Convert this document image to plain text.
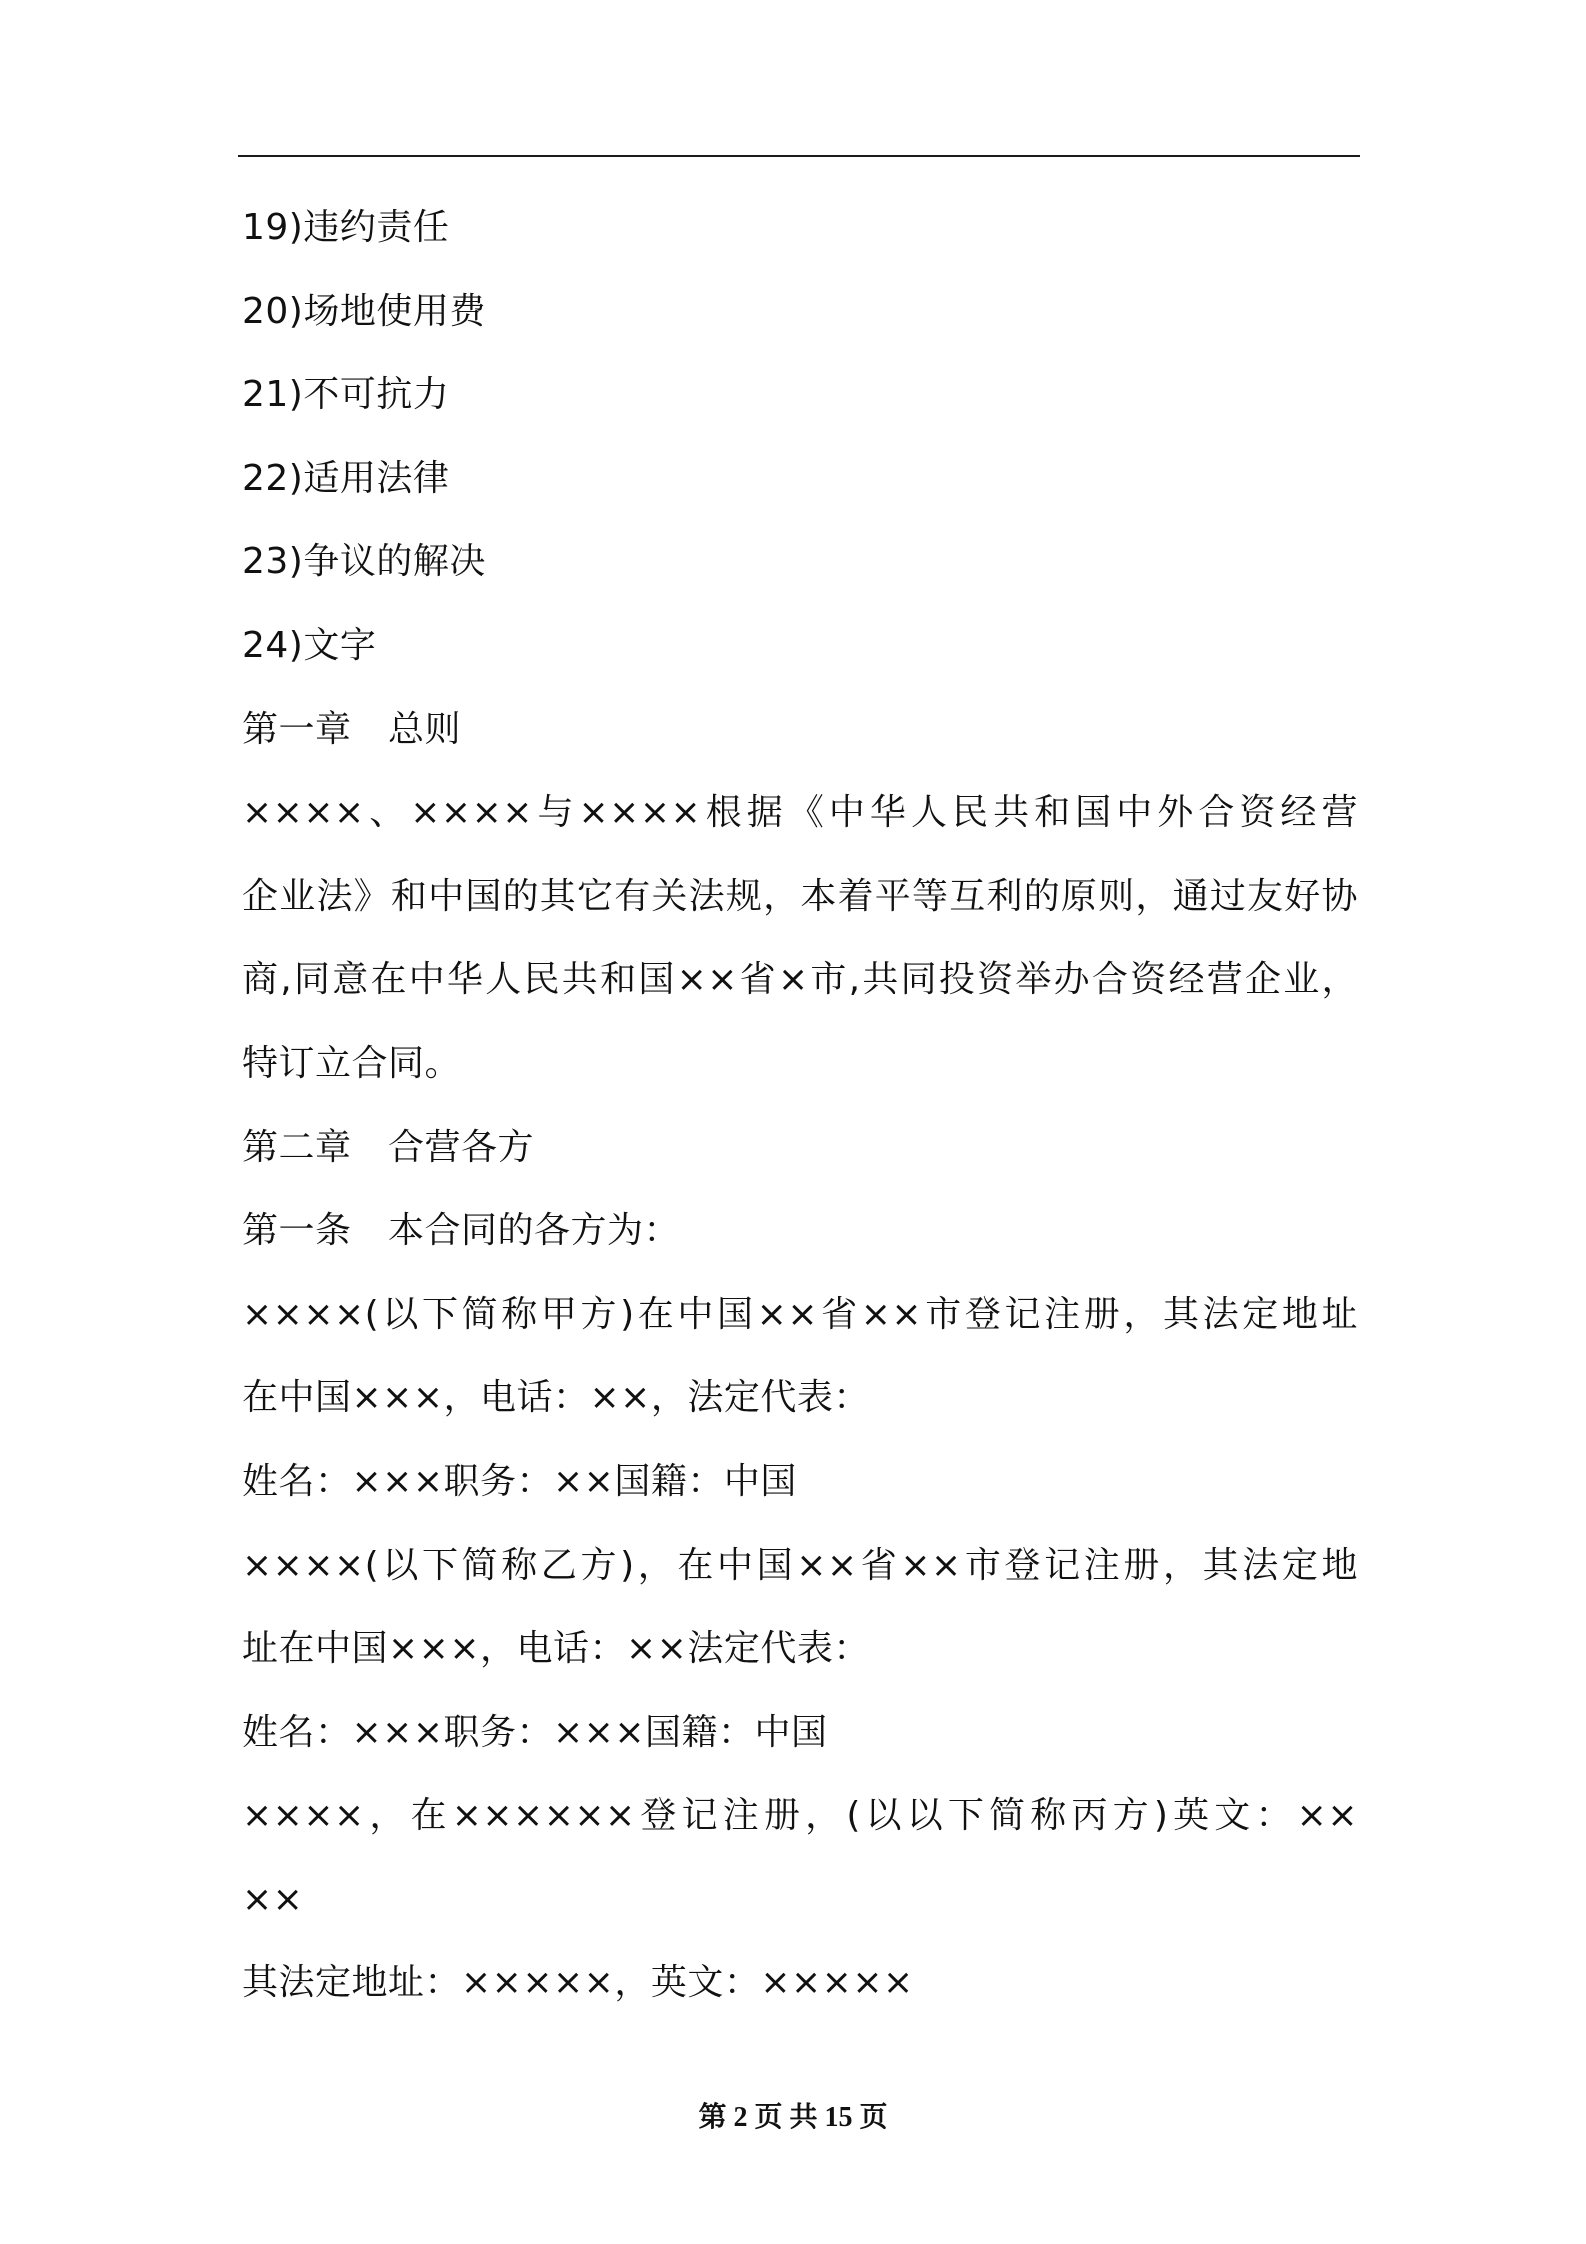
19)违约责任
20)场地使用费
21)不可抗力
22)适用法律
23)争议的解决
24)文字
第一章　总则
××××、××××与××××根据《中华人民共和国中外合资经营
企业法》和中国的其它有关法规，本着平等互利的原则，通过友好协
商,同意在中华人民共和国××省×市,共同投资举办合资经营企业，
特订立合同。
第二章　合营各方
第一条　本合同的各方为：
××××(以下简称甲方)在中国××省××市登记注册，其法定地址
在中国×××，电话：××，法定代表：
姓名：×××职务：××国籍：中国
××××(以下简称乙方)，在中国××省××市登记注册，其法定地
址在中国×××，电话：××法定代表：
姓名：×××职务：×××国籍：中国
××××，在××××××登记注册，(以以下简称丙方)英文：××
××
其法定地址：×××××，英文：×××××
第 2 页 共 15 页
